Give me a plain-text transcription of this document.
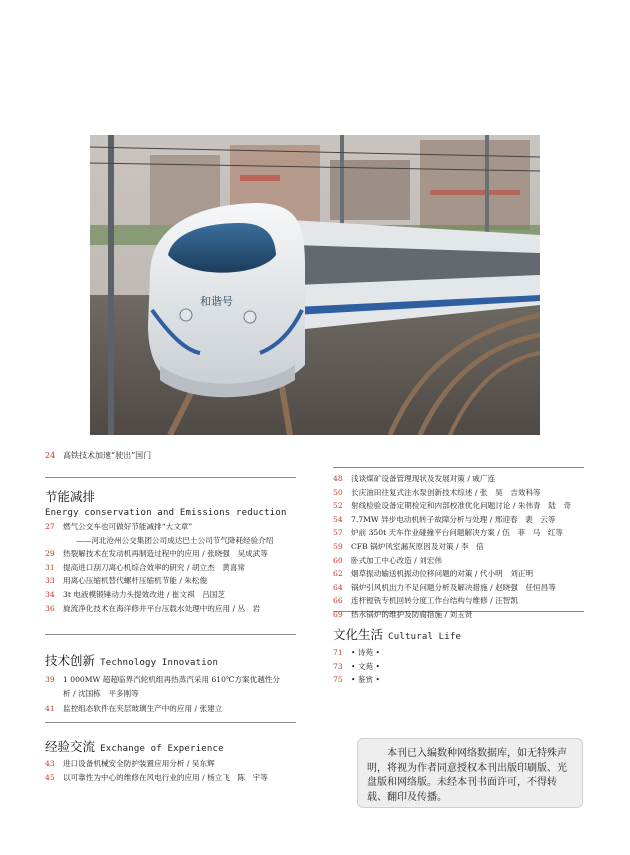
和谐号
24 高铁技术加速“驶出”国门
节能减排
Energy conservation and Emissions reduction
27 燃气公交车也可做好节能减排“大文章”
——河北沧州公交集团公司成达巴士公司节气降耗经验介绍
29 热裂解技术在发动机再制造过程中的应用 / 张晓强　吴成武等
31 提高进口刮刀离心机综合效率的研究 / 胡立杰　黄喜常
33 用离心压缩机替代螺杆压缩机节能 / 朱松俊
34 3t 电液模锻锤动力头提效改进 / 崔文祺　吕国芝
36 旋流净化技术在海洋修井平台压载水处理中的应用 / 丛　岩
技术创新 Technology Innovation
39 1 000MW 超超临界汽轮机组再热蒸汽采用 610℃方案优越性分
析 / 沈国栋　平多刚等
41 监控组态软件在夹层玻璃生产中的应用 / 张建立
经验交流 Exchange of Experience
43 进口设备机械安全防护装置应用分析 / 吴东辉
45 以可靠性为中心的维修在风电行业的应用 / 杨立飞　陈　宇等
48 浅谈煤矿设备管理现状及发展对策 / 戚广连
50 长庆油田往复式注水泵创新技术综述 / 张　昊　吉效科等
52 射线检验设备定期检定和内部校准优化问题讨论 / 朱伟青　陆　奇
54 7.7MW 异步电动机转子故障分析与处理 / 邢迎春　裴　云等
57 炉前 350t 天车作业碰撞平台问题解决方案 / 伍　菲　马　红等
59 CFB 锅炉风室漏灰原因及对策 / 李　倍
60 卧式加工中心改造 / 刘宏伟
62 烟草振动输送机振动位移问题的对策 / 代小明　刘正明
64 锅炉引风机出力不足问题分析及解决措施 / 赵晓强　任恒昌等
66 连杆镗铣专机回转分度工作台结构与维修 / 汪智凯
69 热水锅炉的维护及防腐措施 / 刘玉贤
文化生活 Cultural Life
71 • 诗苑 •
73 • 文苑 •
75 • 鉴赏 •
本刊已入编数种网络数据库，如无特殊声明，将视为作者同意授权本刊出版印刷版、光盘版和网络版。未经本刊书面许可，不得转载、翻印及传播。
